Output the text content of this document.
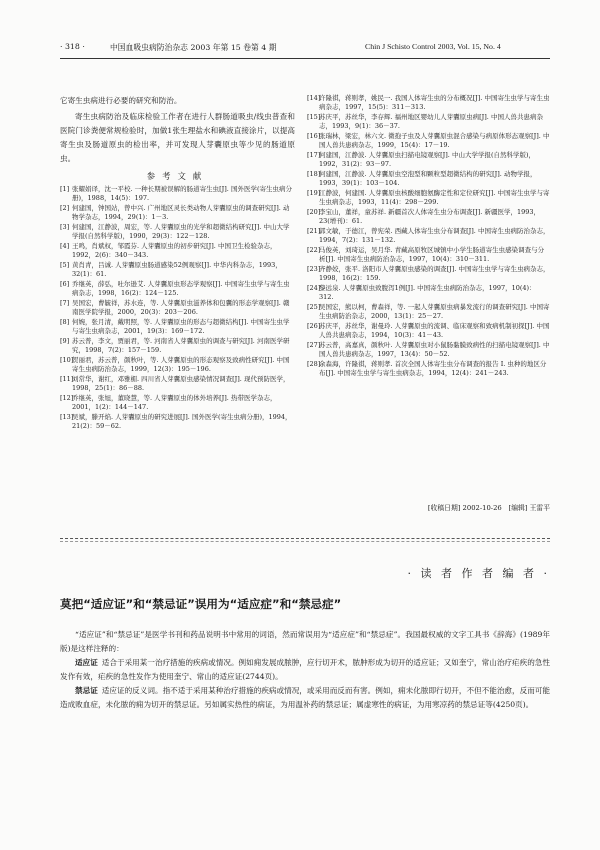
· 318 ·	中国血吸虫病防治杂志 2003 年第 15 卷第 4 期	Chin J Schisto Control 2003, Vol. 15, No. 4

它寄生虫病进行必要的研究和防治。

寄生虫病防治及临床检验工作者在进行人群肠道吸虫/线虫普查和医院门诊粪便常规检验时，加做1张生理盐水和碘液直接涂片，以提高寄生虫及肠道原虫的检出率，并可发现人芽囊原虫等少见的肠道原虫。

参考文献
[1] 张耀娟译，沈一平校. 一种长期被误解的肠道寄生虫[J]. 国外医学(寄生虫病分册)，1988，14(5)：197.
[2] 何建国，钟国站，曾中兴. 广州地区灵长类动物人芽囊原虫的调查研究[J]. 动物学杂志，1994，29(1)：1－3.
[3] 何建国，江静波，周宏，等. 人芽囊原虫的光学和超微结构研究[J]. 中山大学学报(自然科学版)，1990，29(3)：122－128.
[4] 王鸣，肖斌权，邹霞芬. 人芽囊原虫的初步研究[J]. 中国卫生检验杂志，1992，2(6)：340－343.
[5] 黄肖青，吕诚. 人芽囊原虫肠道感染52例观察[J]. 中华内科杂志，1993，32(1)：61.
[6] 乔继英，薛弘，吐尔逊艾. 人芽囊原虫形态学观察[J]. 中国寄生虫学与寄生虫病杂志，1998，16(2)：124－125.
[7] 吴国宏，曹毓祥，苏水连，等. 人芽囊原虫滋养体和包囊的形态学观察[J]. 赣南医学院学报，2000，20(3)：203－206.
[8] 何婉，张月清，戴明照，等. 人芽囊原虫的形态与超微结构[J]. 中国寄生虫学与寄生虫病杂志，2001，19(3)：169－172.
[9] 苏云普，李文，贾丽君，等. 河南省人芽囊原虫的调查与研究[J]. 河南医学研究，1998，7(2)：157－159.
[10]
贺丽君，苏云普，颜秋叶，等. 人芽囊原虫的形态观察及致病性研究[J]. 中国寄生虫病防治杂志，1999，12(3)：195－196.
[11]
刘常华，谢红，邓雅楣. 四川省人芽囊原虫感染情况调查[J]. 现代预防医学，1998，25(1)：86－88.
[12]
乔继英，张旭，董晓慧，等. 人芽囊原虫的体外培养[J]. 热带医学杂志，2001，1(2)：144－147.
[13]
吴斌，滕开焰. 人芽囊原虫的研究进展[J]. 国外医学(寄生虫病分册)，1994，21(2)：59－62.
[14]
许隆祺，蒋则孝，姚民一. 我国人体寄生虫的分布概况[J]. 中国寄生虫学与寄生虫病杂志，1997，15(5)：311－313.
[15]
苏庆平，苏丝华，李存辉. 福州地区婴幼儿人芽囊原虫病[J]. 中国人兽共患病杂志，1993，9(1)：36－37.
[16]
张瑞林，梁宏，林六文. 微孢子虫及人芽囊原虫混合感染与病原体形态观察[J]. 中国人兽共患病杂志，1999，15(4)：17－19.
[17]
何建国，江静波. 人芽囊原虫扫描电镜观察[J]. 中山大学学报(自然科学版)，1992，31(2)：93－97.
[18]
何建国，江静波. 人芽囊原虫空泡型和颗粒型超微结构的研究[J]. 动物学报，1993，39(1)：103－104.
[19]
江静波，何建国. 人芽囊原虫核酸细胞氨酶定性和定位研究[J]. 中国寄生虫学与寄生虫病杂志，1993，11(4)：298－299.
[20]
李宝山，董祥，童苏祥. 新疆首次人体寄生虫分布调查[J]. 新疆医学，1993，23(增刊)：61.
[21]
郭文敏，于德江，曾宪荣. 西藏人体寄生虫分布调查[J]. 中国寄生虫病防治杂志，1994，7(2)：131－132.
[22]
马俊英，刘琦运，吴月华. 青藏高原牧区城镇中小学生肠道寄生虫感染调查与分析[J]. 中国寄生虫病防治杂志，1997，10(4)：310－311.
[23]
齐静姣，张平. 洛阳市人芽囊原虫感染的调查[J]. 中国寄生虫学与寄生虫病杂志，1998，16(2)：159.
[24]
黎远泉. 人芽囊原虫致腹泻1例[J]. 中国寄生虫病防治杂志，1997，10(4)：312.
[25]
吴国宏，熊以柯，曹森祥，等. 一起人芽囊原虫病暴发流行的调查研究[J]. 中国寄生虫病防治杂志，2000，13(1)：25－27.
[26]
苏庆平，苏丝华，谢曼玲. 人芽囊原虫的流调、临床观察和致病机制初探[J]. 中国人兽共患病杂志，1994，10(3)：41－43.
[27]
苏云普，高嘉真，颜秋叶. 人芽囊原虫对小鼠肠黏膜致病性的扫描电镜观察[J]. 中国人兽共患病杂志，1997，13(4)：50－52.
[28]
余森海，许隆祺，蒋则孝. 首次全国人体寄生虫分布调查的报告 Ⅰ. 虫种的地区分布[J]. 中国寄生虫学与寄生虫病杂志，1994，12(4)：241－243.
[收稿日期] 2002-10-26　[编辑] 王雷平
· 读 者 作 者 编 者 ·
莫把“适应证”和“禁忌证”误用为“适应症”和“禁忌症”

“适应证”和“禁忌证”是医学书刊和药品说明书中常用的词语，然而常误用为“适应症”和“禁忌症”。我国最权威的文字工具书《辞海》(1989年版)是这样注释的：

适应证 适合于采用某一治疗措施的疾病或情况。例如痈发展成脓肿，应行切开术，脓肿形成为切开的适应证；又如奎宁，常山治疗疟疾的急性发作有效，疟疾的急性发作为使用奎宁、常山的适应证(2744页)。

禁忌证 适应证的反义词。指不适于采用某种治疗措施的疾病或情况，或采用而反而有害。例如，痈未化脓即行切开，不但不能治愈，反而可能造成败血症，未化脓的痈为切开的禁忌证。另如属实热性的病证，为用温补药的禁忌证；属虚寒性的病证，为用寒凉药的禁忌证等(4250页)。
